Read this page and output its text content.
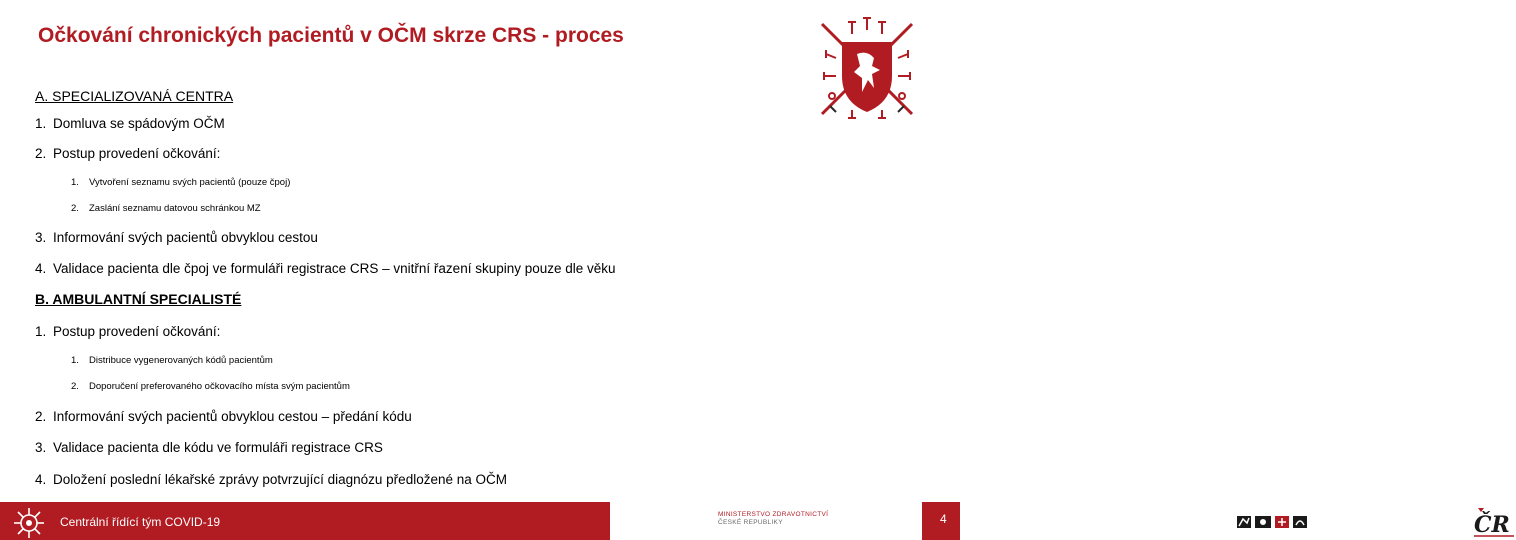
Očkování chronických pacientů v OČM skrze CRS - proces
A. SPECIALIZOVANÁ CENTRA
1. Domluva se spádovým OČM
2. Postup provedení očkování:
1. Vytvoření seznamu svých pacientů (pouze čpoj)
2. Zaslání seznamu datovou schránkou MZ
3. Informování svých pacientů obvyklou cestou
4. Validace pacienta dle čpoj ve formuláři registrace CRS – vnitřní řazení skupiny pouze dle věku
B. AMBULANTNÍ SPECIALISTÉ
1. Postup provedení očkování:
1. Distribuce vygenerovaných kódů pacientům
2. Doporučení preferovaného očkovacího místa svým pacientům
2. Informování svých pacientů obvyklou cestou – předání kódu
3. Validace pacienta dle kódu ve formuláři registrace CRS
4. Doložení poslední lékařské zprávy potvrzující diagnózu předložené na OČM
Centrální řídící tým COVID-19
MINISTERSTVO ZDRAVOTNICTVÍ
ČESKÉ REPUBLIKY	ČR
4
